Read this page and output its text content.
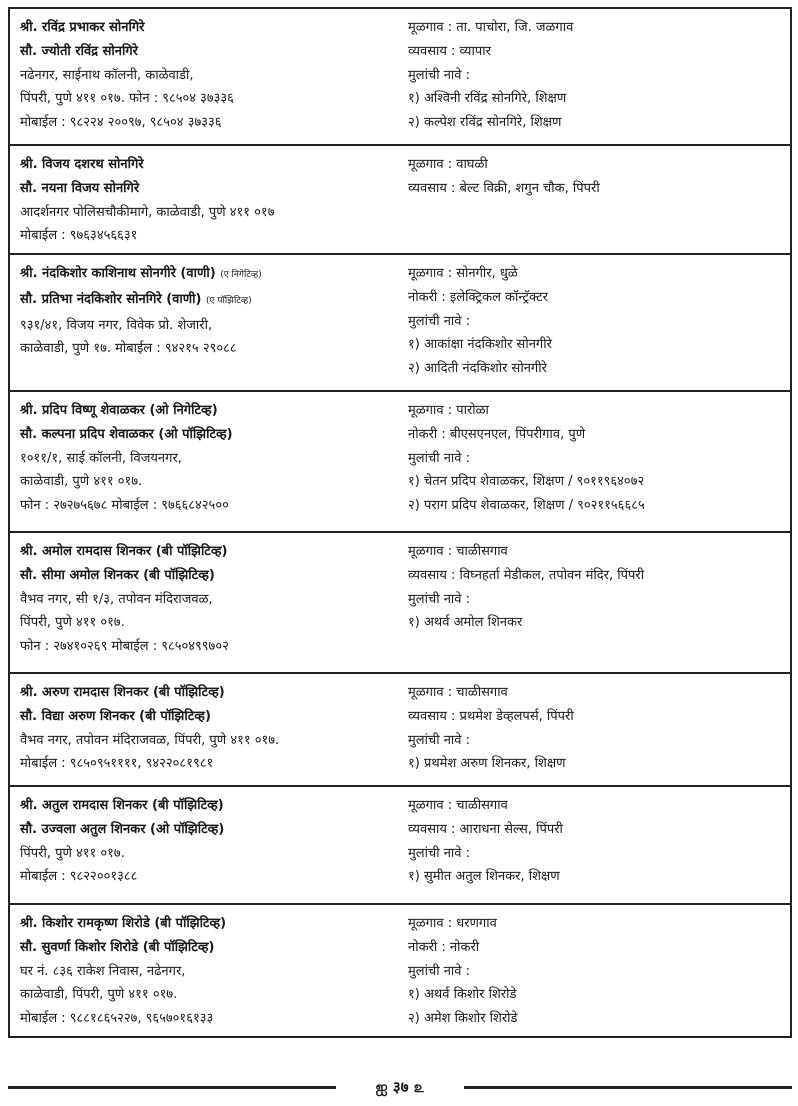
श्री. रविंद्र प्रभाकर सोनगिरे
सौ. ज्योती रविंद्र सोनगिरे
नढेनगर, साईनाथ कॉलनी, काळेवाडी,
पिंपरी, पुणे ४११ ०१७. फोन : ९८५०४ ३७३३६
मोबाईल : ९८२२४ २००९७, ९८५०४ ३७३३६
मूळगाव : ता. पाचोरा, जि. जळगाव
व्यवसाय : व्यापार
मुलांची नावे :
१) अश्विनी रविंद्र सोनगिरे, शिक्षण
२) कल्पेश रविंद्र सोनगिरे, शिक्षण
श्री. विजय दशरथ सोनगिरे
सौ. नयना विजय सोनगिरे
आदर्शनगर पोलिसचौकीमागे, काळेवाडी, पुणे ४११ ०१७
मोबाईल : ९७६३४५६६३१
मूळगाव : वाघळी
व्यवसाय : बेल्ट विक्री, शगुन चौक, पिंपरी
श्री. नंदकिशोर काशिनाथ सोनगीरे (वाणी) (ए निगेटिव्ह)
सौ. प्रतिभा नंदकिशोर सोनगिरे (वाणी) (ए पॉझिटिव्ह)
९३१/४१, विजय नगर, विवेक प्रो. शेजारी,
काळेवाडी, पुणे १७. मोबाईल : ९४२१५ २९०८८
मूळगाव : सोनगीर, धुळे
नोकरी : इलेक्ट्रिकल कॉन्ट्रॅक्टर
मुलांची नावे :
१) आकांक्षा नंदकिशोर सोनगीरे
२) आदिती नंदकिशोर सोनगीरे
श्री. प्रदिप विष्णू शेवाळकर (ओ निगेटिव्ह)
सौ. कल्पना प्रदिप शेवाळकर (ओ पॉझिटिव्ह)
१०११/१, साई कॉलनी, विजयनगर,
काळेवाडी, पुणे ४११ ०१७.
फोन : २७२७५६७८ मोबाईल : ९७६६८४२५००
मूळगाव : पारोळा
नोकरी : बीएसएनएल, पिंपरीगाव, पुणे
मुलांची नावे :
१) चेतन प्रदिप शेवाळकर, शिक्षण / ९०११९६४०७२
२) पराग प्रदिप शेवाळकर, शिक्षण / ९०२११५६६८५
श्री. अमोल रामदास शिनकर (बी पॉझिटिव्ह)
सौ. सीमा अमोल शिनकर (बी पॉझिटिव्ह)
वैभव नगर, सी १/३, तपोवन मंदिराजवळ,
पिंपरी, पुणे ४११ ०१७.
फोन : २७४१०२६९ मोबाईल : ९८५०४९९७०२
मूळगाव : चाळीसगाव
व्यवसाय : विघ्नहर्ता मेडीकल, तपोवन मंदिर, पिंपरी
मुलांची नावे :
१) अथर्व अमोल शिनकर
श्री. अरुण रामदास शिनकर (बी पॉझिटिव्ह)
सौ. विद्या अरुण शिनकर (बी पॉझिटिव्ह)
वैभव नगर, तपोवन मंदिराजवळ, पिंपरी, पुणे ४११ ०१७.
मोबाईल : ९८५०९५११११, ९४२२०८१९८१
मूळगाव : चाळीसगाव
व्यवसाय : प्रथमेश डेव्हलपर्स, पिंपरी
मुलांची नावे :
१) प्रथमेश अरुण शिनकर, शिक्षण
श्री. अतुल रामदास शिनकर (बी पॉझिटिव्ह)
सौ. उज्वला अतुल शिनकर (ओ पॉझिटिव्ह)
पिंपरी, पुणे ४११ ०१७.
मोबाईल : ९८२२००१३८८
मूळगाव : चाळीसगाव
व्यवसाय : आराधना सेल्स, पिंपरी
मुलांची नावे :
१) सुमीत अतुल शिनकर, शिक्षण
श्री. किशोर रामकृष्ण शिरोडे (बी पॉझिटिव्ह)
सौ. सुवर्णा किशोर शिरोडे (बी पॉझिटिव्ह)
घर नं. ८३६ राकेश निवास, नढेनगर,
काळेवाडी, पिंपरी, पुणे ४११ ०१७.
मोबाईल : ९८८१८६५२२७, ९६५७०१६१३३
मूळगाव : धरणगाव
नोकरी : नोकरी
मुलांची नावे :
१) अथर्व किशोर शिरोडे
२) अमेश किशोर शिरोडे
ஐ ३७ ௨
